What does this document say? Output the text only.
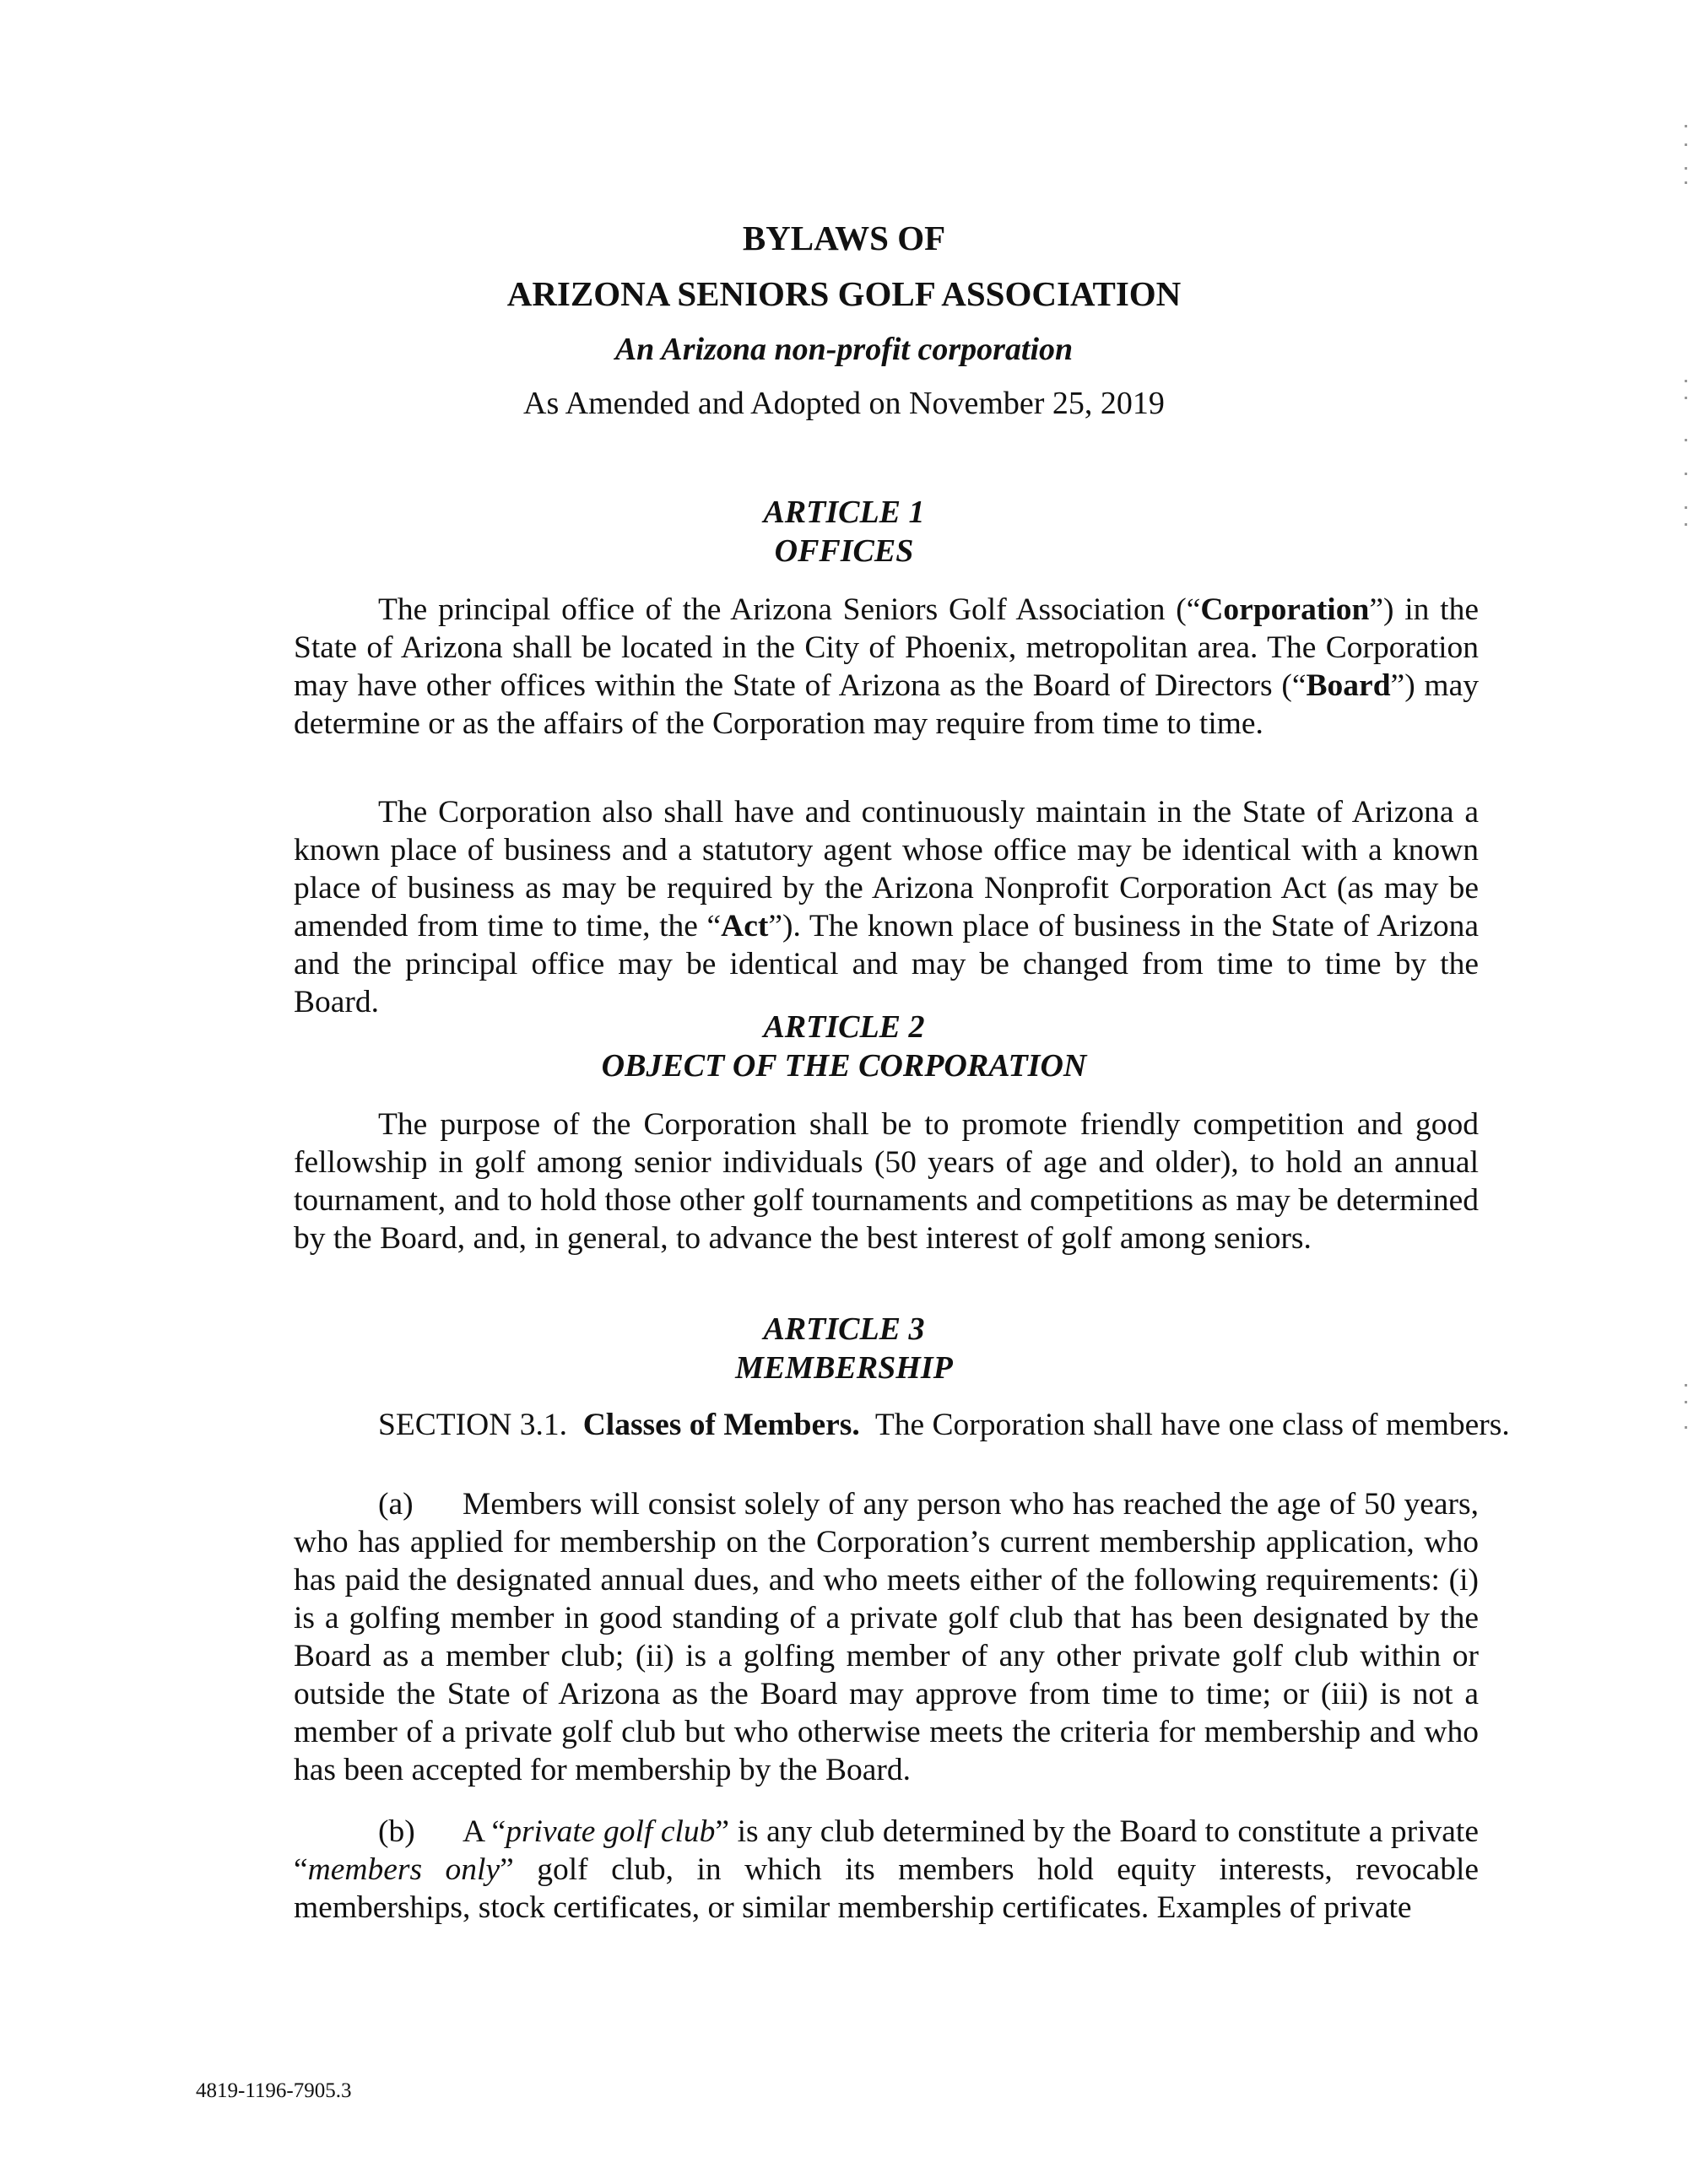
BYLAWS OF
ARIZONA SENIORS GOLF ASSOCIATION
An Arizona non-profit corporation
As Amended and Adopted on November 25, 2019
ARTICLE 1
OFFICES

The principal office of the Arizona Seniors Golf Association (“Corporation”) in the State of Arizona shall be located in the City of Phoenix, metropolitan area. The Corporation may have other offices within the State of Arizona as the Board of Directors (“Board”) may determine or as the affairs of the Corporation may require from time to time.

The Corporation also shall have and continuously maintain in the State of Arizona a known place of business and a statutory agent whose office may be identical with a known place of business as may be required by the Arizona Nonprofit Corporation Act (as may be amended from time to time, the “Act”). The known place of business in the State of Arizona and the principal office may be identical and may be changed from time to time by the Board.

ARTICLE 2
OBJECT OF THE CORPORATION

The purpose of the Corporation shall be to promote friendly competition and good fellowship in golf among senior individuals (50 years of age and older), to hold an annual tournament, and to hold those other golf tournaments and competitions as may be determined by the Board, and, in general, to advance the best interest of golf among seniors.

ARTICLE 3
MEMBERSHIP
SECTION 3.1. Classes of Members. The Corporation shall have one class of members.

(a) Members will consist solely of any person who has reached the age of 50 years, who has applied for membership on the Corporation’s current membership application, who has paid the designated annual dues, and who meets either of the following requirements: (i) is a golfing member in good standing of a private golf club that has been designated by the Board as a member club; (ii) is a golfing member of any other private golf club within or outside the State of Arizona as the Board may approve from time to time; or (iii) is not a member of a private golf club but who otherwise meets the criteria for membership and who has been accepted for membership by the Board.

(b) A “private golf club” is any club determined by the Board to constitute a private “members only” golf club, in which its members hold equity interests, revocable memberships, stock certificates, or similar membership certificates. Examples of private

4819-1196-7905.3
